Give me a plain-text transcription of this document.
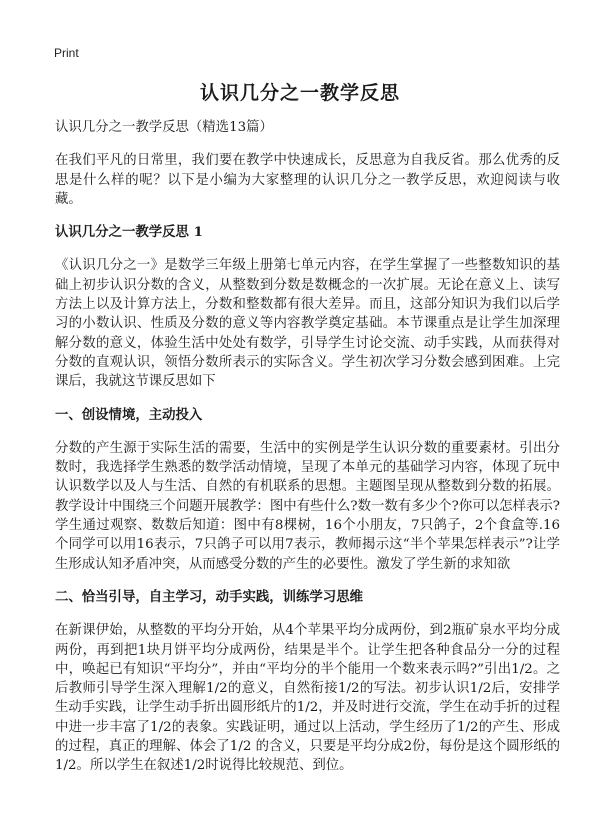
Print
认识几分之一教学反思

认识几分之一教学反思（精选13篇）

在我们平凡的日常里，我们要在教学中快速成长，反思意为自我反省。那么优秀的反思是什么样的呢？以下是小编为大家整理的认识几分之一教学反思，欢迎阅读与收藏。

认识几分之一教学反思 1

《认识几分之一》是数学三年级上册第七单元内容，在学生掌握了一些整数知识的基础上初步认识分数的含义，从整数到分数是数概念的一次扩展。无论在意义上、读写方法上以及计算方法上，分数和整数都有很大差异。而且，这部分知识为我们以后学习的小数认识、性质及分数的意义等内容教学奠定基础。本节课重点是让学生加深理解分数的意义，体验生活中处处有数学，引导学生讨论交流、动手实践，从而获得对分数的直观认识，领悟分数所表示的实际含义。学生初次学习分数会感到困难。上完课后，我就这节课反思如下

一、创设情境，主动投入

分数的产生源于实际生活的需要，生活中的实例是学生认识分数的重要素材。引出分数时，我选择学生熟悉的数学活动情境，呈现了本单元的基础学习内容，体现了玩中认识数学以及人与生活、自然的有机联系的思想。主题图呈现从整数到分数的拓展。教学设计中围绕三个问题开展教学：图中有些什么?数一数有多少个?你可以怎样表示?学生通过观察、数数后知道：图中有8棵树，16个小朋友，7只鸽子，2个食盒等.16个同学可以用16表示，7只鸽子可以用7表示，教师揭示这“半个苹果怎样表示”?让学生形成认知矛盾冲突，从而感受分数的产生的必要性。激发了学生新的求知欲

二、恰当引导，自主学习，动手实践，训练学习思维

在新课伊始，从整数的平均分开始，从4个苹果平均分成两份，到2瓶矿泉水平均分成两份，再到把1块月饼平均分成两份，结果是半个。让学生把各种食品分一分的过程中，唤起已有知识“平均分”，并由“平均分的半个能用一个数来表示吗?”引出1/2。之后教师引导学生深入理解1/2的意义，自然衔接1/2的写法。初步认识1/2后，安排学生动手实践，让学生动手折出圆形纸片的1/2，并及时进行交流，学生在动手折的过程中进一步丰富了1/2的表象。实践证明，通过以上活动，学生经历了1/2的产生、形成的过程，真正的理解、体会了1/2 的含义，只要是平均分成2份，每份是这个圆形纸的1/2。所以学生在叙述1/2时说得比较规范、到位。
